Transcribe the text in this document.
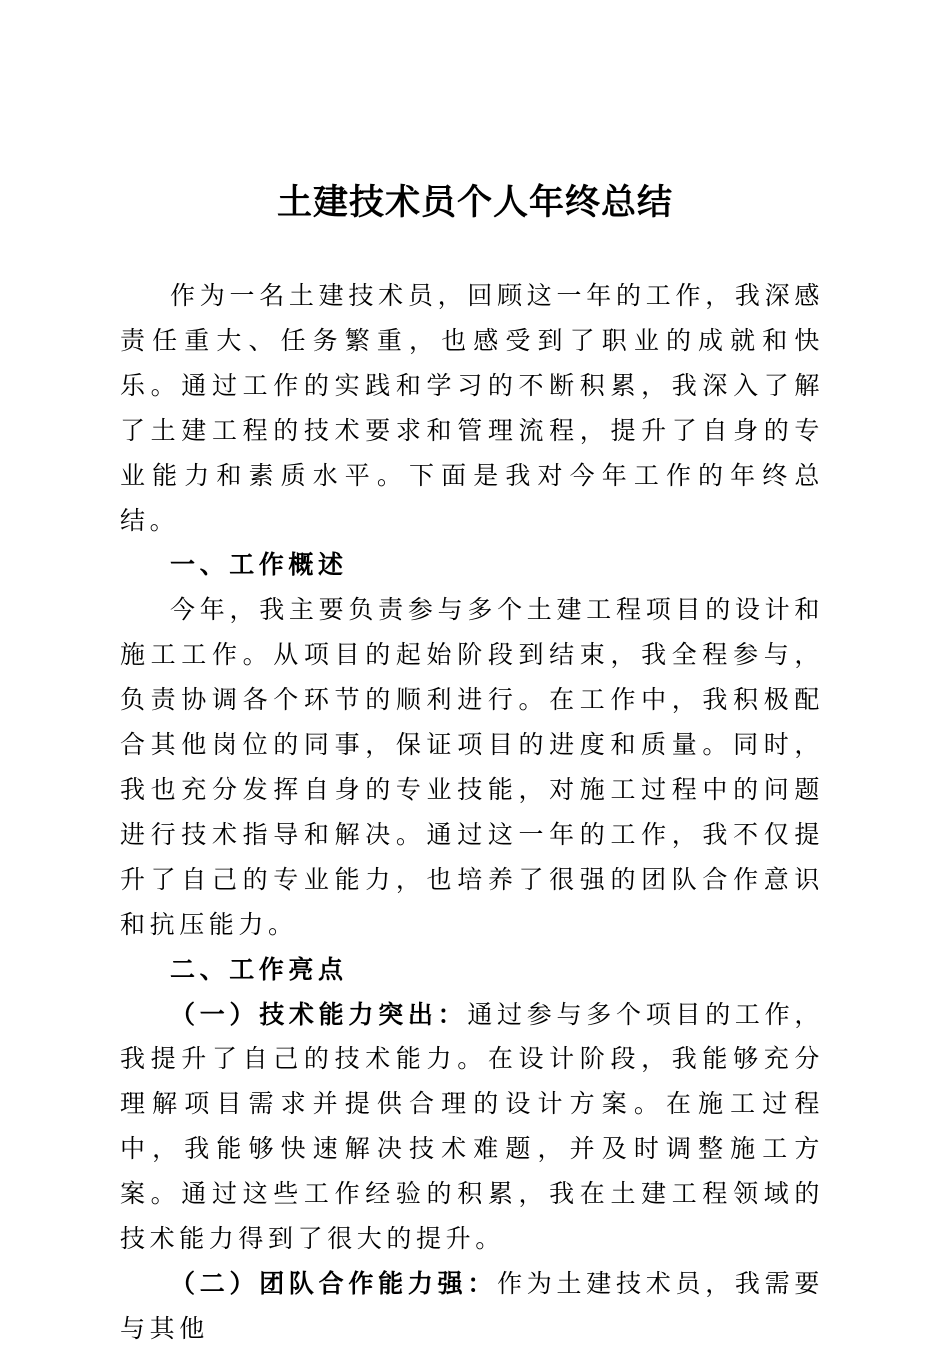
土建技术员个人年终总结

作为一名土建技术员，回顾这一年的工作，我深感责任重大、任务繁重，也感受到了职业的成就和快乐。通过工作的实践和学习的不断积累，我深入了解了土建工程的技术要求和管理流程，提升了自身的专业能力和素质水平。下面是我对今年工作的年终总结。

一、工作概述

今年，我主要负责参与多个土建工程项目的设计和施工工作。从项目的起始阶段到结束，我全程参与，负责协调各个环节的顺利进行。在工作中，我积极配合其他岗位的同事，保证项目的进度和质量。同时，我也充分发挥自身的专业技能，对施工过程中的问题进行技术指导和解决。通过这一年的工作，我不仅提升了自己的专业能力，也培养了很强的团队合作意识和抗压能力。

二、工作亮点

（一）技术能力突出：通过参与多个项目的工作，我提升了自己的技术能力。在设计阶段，我能够充分理解项目需求并提供合理的设计方案。在施工过程中，我能够快速解决技术难题，并及时调整施工方案。通过这些工作经验的积累，我在土建工程领域的技术能力得到了很大的提升。

（二）团队合作能力强：作为土建技术员，我需要与其他
